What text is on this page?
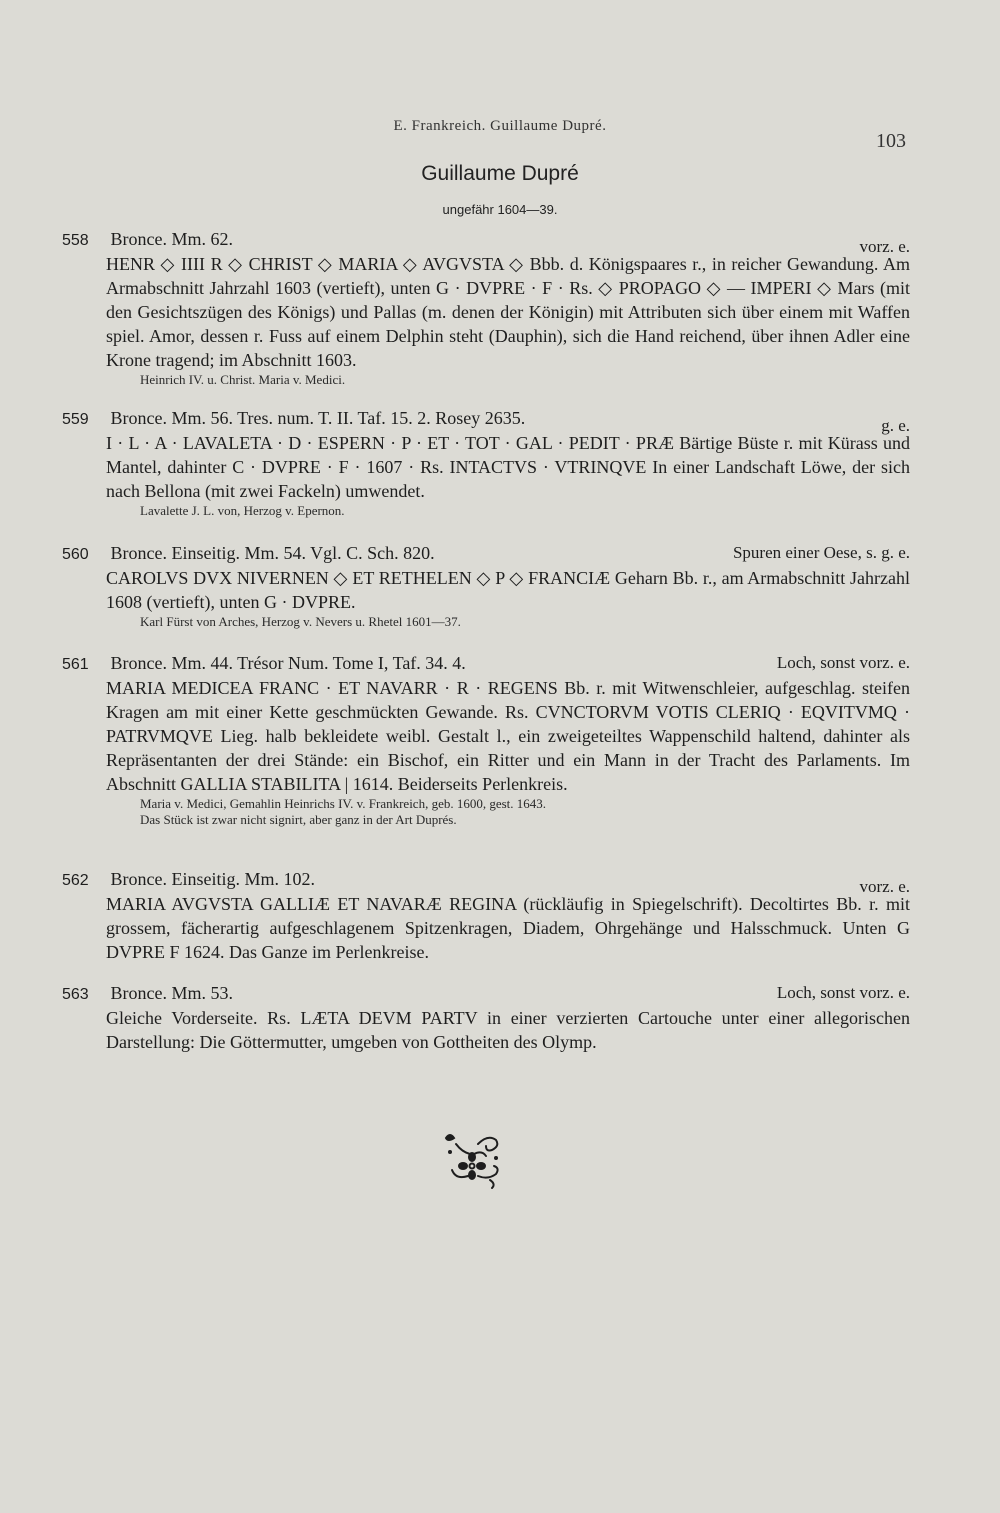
E. Frankreich. Guillaume Dupré.
103
Guillaume Dupré
ungefähr 1604—39.
558 Bronce. Mm. 62.	vorz. e.
HENR ◇ IIII R ◇ CHRIST ◇ MARIA ◇ AVGVSTA ◇ Bbb. d. Königspaares r., in reicher Gewandung. Am Armabschnitt Jahrzahl 1603 (vertieft), unten G · DVPRE · F · Rs. ◇ PROPAGO ◇ — IMPERI ◇ Mars (mit den Gesichtszügen des Königs) und Pallas (m. denen der Königin) mit Attributen sich über einem mit Waffen spiel. Amor, dessen r. Fuss auf einem Delphin steht (Dauphin), sich die Hand reichend, über ihnen Adler eine Krone tragend; im Abschnitt 1603.
Heinrich IV. u. Christ. Maria v. Medici.
559 Bronce. Mm. 56. Tres. num. T. II. Taf. 15. 2. Rosey 2635.	g. e.
I · L · A · LAVALETA · D · ESPERN · P · ET · TOT · GAL · PEDIT · PRÆ Bärtige Büste r. mit Kürass und Mantel, dahinter C · DVPRE · F · 1607 · Rs. INTACTVS · VTRINQVE In einer Landschaft Löwe, der sich nach Bellona (mit zwei Fackeln) umwendet.
Lavalette J. L. von, Herzog v. Epernon.
560 Bronce. Einseitig. Mm. 54. Vgl. C. Sch. 820.	Spuren einer Oese, s. g. e.
CAROLVS DVX NIVERNEN ◇ ET RETHELEN ◇ P ◇ FRANCIÆ Geharn Bb. r., am Armabschnitt Jahrzahl 1608 (vertieft), unten G · DVPRE.
Karl Fürst von Arches, Herzog v. Nevers u. Rhetel 1601—37.
561 Bronce. Mm. 44. Trésor Num. Tome I, Taf. 34. 4.	Loch, sonst vorz. e.
MARIA MEDICEA FRANC · ET NAVARR · R · REGENS Bb. r. mit Witwenschleier, aufgeschlag. steifen Kragen am mit einer Kette geschmückten Gewande. Rs. CVNCTORVM VOTIS CLERIQ · EQVITVMQ · PATRVMQVE Lieg. halb bekleidete weibl. Gestalt l., ein zweigeteiltes Wappenschild haltend, dahinter als Repräsentanten der drei Stände: ein Bischof, ein Ritter und ein Mann in der Tracht des Parlaments. Im Abschnitt GALLIA STABILITA | 1614. Beiderseits Perlenkreis.
Maria v. Medici, Gemahlin Heinrichs IV. v. Frankreich, geb. 1600, gest. 1643.
Das Stück ist zwar nicht signirt, aber ganz in der Art Duprés.
562 Bronce. Einseitig. Mm. 102.	vorz. e.
MARIA AVGVSTA GALLIÆ ET NAVARÆ REGINA (rückläufig in Spiegelschrift). Decoltirtes Bb. r. mit grossem, fächerartig aufgeschlagenem Spitzenkragen, Diadem, Ohrgehänge und Halsschmuck. Unten G DVPRE F 1624. Das Ganze im Perlenkreise.
563 Bronce. Mm. 53.	Loch, sonst vorz. e.
Gleiche Vorderseite. Rs. LÆTA DEVM PARTV in einer verzierten Cartouche unter einer allegorischen Darstellung: Die Göttermutter, umgeben von Gottheiten des Olymp.
